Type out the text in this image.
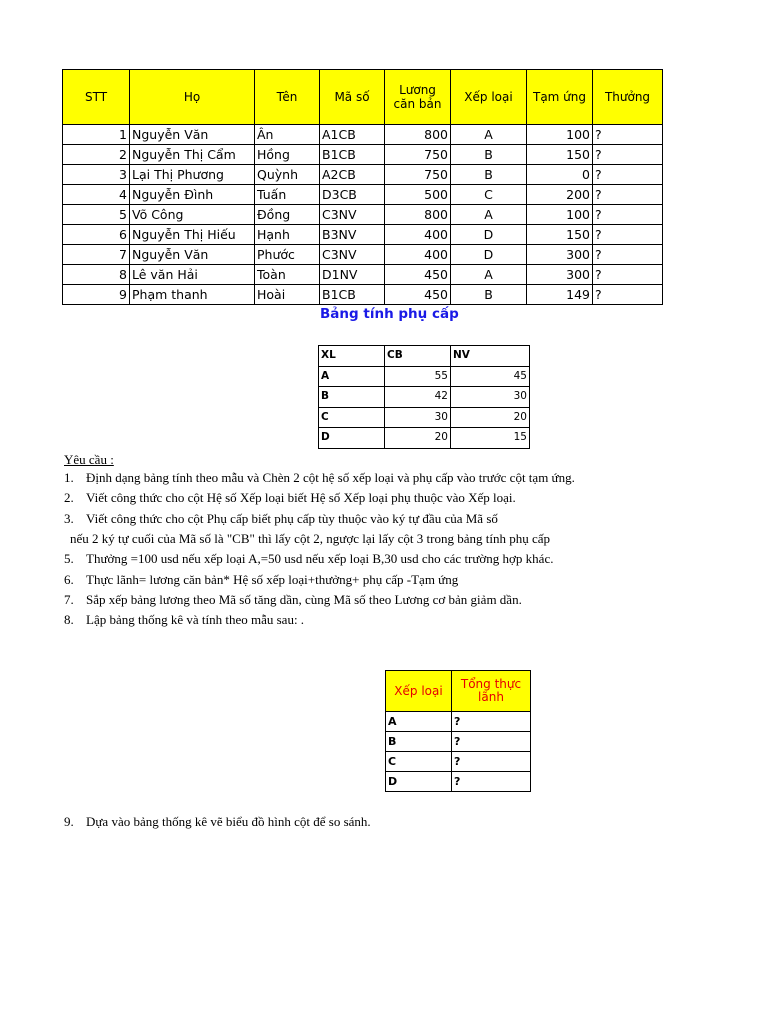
STT	Họ	Tên	Mã số	Lương căn bản	Xếp loại	Tạm ứng	Thưởng
1	Nguyễn Văn	Ân	A1CB	800	A	100	?
2	Nguyễn Thị Cẩm	Hồng	B1CB	750	B	150	?
3	Lại Thị Phương	Quỳnh	A2CB	750	B	0	?
4	Nguyễn Đình	Tuấn	D3CB	500	C	200	?
5	Võ Công	Đồng	C3NV	800	A	100	?
6	Nguyễn Thị Hiếu	Hạnh	B3NV	400	D	150	?
7	Nguyễn Văn	Phước	C3NV	400	D	300	?
8	Lê văn Hải	Toàn	D1NV	450	A	300	?
9	Phạm thanh	Hoài	B1CB	450	B	149	?
Bảng tính phụ cấp
XL	CB	NV
A	55	45
B	42	30
C	30	20
D	20	15
Yêu cầu :
1. Định dạng bảng tính theo mẫu và Chèn 2 cột hệ số xếp loại và phụ cấp vào trước cột tạm ứng.
2. Viết công thức cho cột Hệ số Xếp loại biết Hệ số Xếp loại phụ thuộc vào Xếp loại.
3. Viết công thức cho cột Phụ cấp biết phụ cấp tùy thuộc vào ký tự đầu của Mã số
nếu 2 ký tự cuối của Mã số là "CB" thì lấy cột 2, ngược lại lấy cột 3 trong bảng tính phụ cấp
5. Thưởng =100 usd nếu xếp loại A,=50 usd nếu xếp loại B,30 usd cho các trường hợp khác.
6. Thực lãnh= lương căn bản* Hệ số xếp loại+thưởng+ phụ cấp -Tạm ứng
7. Sắp xếp bảng lương theo Mã số tăng dần, cùng Mã số theo Lương cơ bản giảm dần.
8. Lập bảng thống kê và tính theo mẫu sau: .
Xếp loại	Tổng thực lãnh
A	?
B	?
C	?
D	?
9. Dựa vào bảng thống kê vẽ biểu đồ hình cột để so sánh.
